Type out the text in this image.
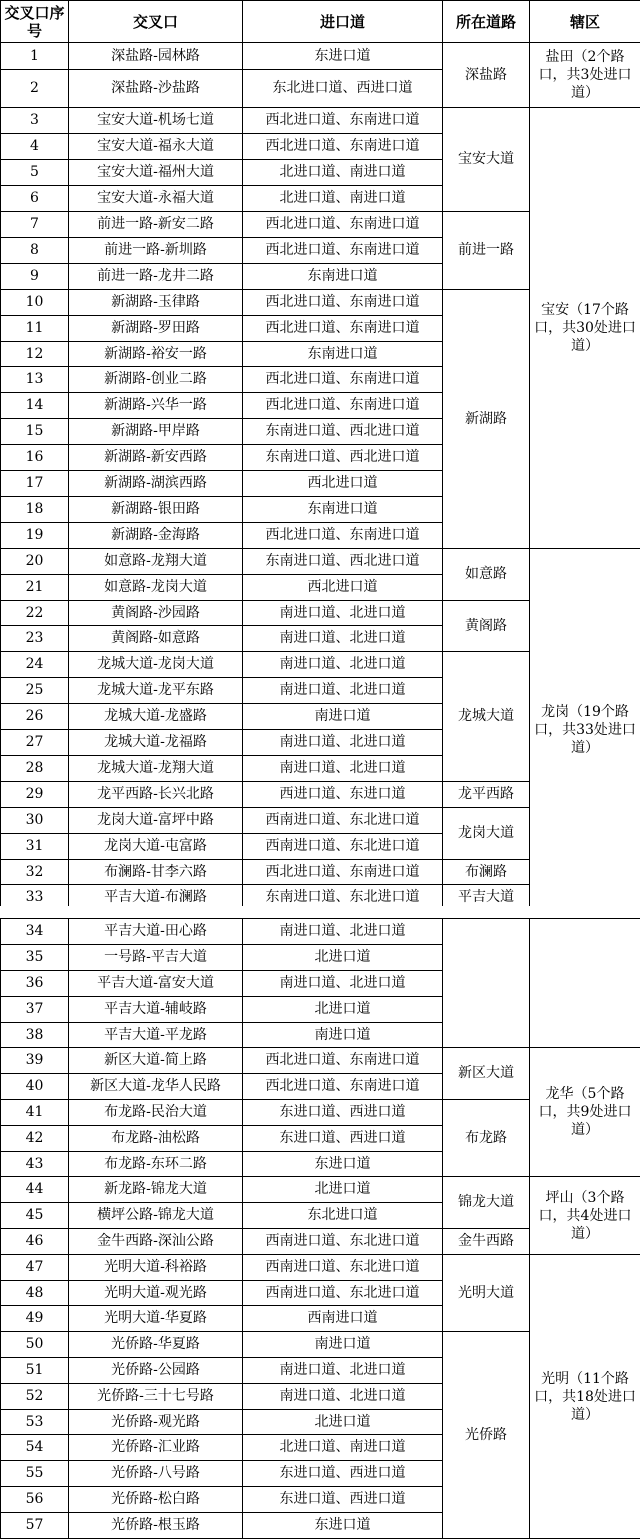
交叉口序号	交叉口	进口道	所在道路	辖区
1	深盐路-园林路	东进口道	深盐路	盐田（2个路口，共3处进口道）
2	深盐路-沙盐路	东北进口道、西进口道		
3	宝安大道-机场七道	西北进口道、东南进口道	宝安大道	宝安（17个路口，共30处进口道）
4	宝安大道-福永大道	西北进口道、东南进口道		
5	宝安大道-福州大道	北进口道、南进口道		
6	宝安大道-永福大道	北进口道、南进口道		
7	前进一路-新安二路	西北进口道、东南进口道	前进一路	
8	前进一路-新圳路	西北进口道、东南进口道		
9	前进一路-龙井二路	东南进口道		
10	新湖路-玉律路	西北进口道、东南进口道	新湖路	
11	新湖路-罗田路	西北进口道、东南进口道		
12	新湖路-裕安一路	东南进口道		
13	新湖路-创业二路	西北进口道、东南进口道		
14	新湖路-兴华一路	西北进口道、东南进口道		
15	新湖路-甲岸路	东南进口道、西北进口道		
16	新湖路-新安西路	东南进口道、西北进口道		
17	新湖路-湖滨西路	西北进口道		
18	新湖路-银田路	东南进口道		
19	新湖路-金海路	西北进口道、东南进口道		
20	如意路-龙翔大道	东南进口道、西北进口道	如意路	龙岗（19个路口，共33处进口道）
21	如意路-龙岗大道	西北进口道		
22	黄阁路-沙园路	南进口道、北进口道	黄阁路	
23	黄阁路-如意路	南进口道、北进口道		
24	龙城大道-龙岗大道	南进口道、北进口道	龙城大道	
25	龙城大道-龙平东路	南进口道、北进口道		
26	龙城大道-龙盛路	南进口道		
27	龙城大道-龙福路	南进口道、北进口道		
28	龙城大道-龙翔大道	南进口道、北进口道		
29	龙平西路-长兴北路	西进口道、东进口道	龙平西路	
30	龙岗大道-富坪中路	西南进口道、东北进口道	龙岗大道	
31	龙岗大道-屯富路	西南进口道、东北进口道		
32	布澜路-甘李六路	西北进口道、东南进口道	布澜路	
33	平吉大道-布澜路	东南进口道、东北进口道	平吉大道	
34	平吉大道-田心路	南进口道、北进口道		
35	一号路-平吉大道	北进口道		
36	平吉大道-富安大道	南进口道、北进口道		
37	平吉大道-辅岐路	北进口道		
38	平吉大道-平龙路	南进口道		
39	新区大道-简上路	西北进口道、东南进口道	新区大道	龙华（5个路口，共9处进口道）
40	新区大道-龙华人民路	西北进口道、东南进口道		
41	布龙路-民治大道	东进口道、西进口道	布龙路	
42	布龙路-油松路	东进口道、西进口道		
43	布龙路-东环二路	东进口道		
44	新龙路-锦龙大道	北进口道	锦龙大道	坪山（3个路口，共4处进口道）
45	横坪公路-锦龙大道	东北进口道		
46	金牛西路-深汕公路	西南进口道、东北进口道	金牛西路	
47	光明大道-科裕路	西南进口道、东北进口道	光明大道	光明（11个路口，共18处进口道）
48	光明大道-观光路	西南进口道、东北进口道		
49	光明大道-华夏路	西南进口道		
50	光侨路-华夏路	南进口道	光侨路	
51	光侨路-公园路	南进口道、北进口道		
52	光侨路-三十七号路	南进口道、北进口道		
53	光侨路-观光路	北进口道		
54	光侨路-汇业路	北进口道、南进口道		
55	光侨路-八号路	东进口道、西进口道		
56	光侨路-松白路	东进口道、西进口道		
57	光侨路-根玉路	东进口道		
